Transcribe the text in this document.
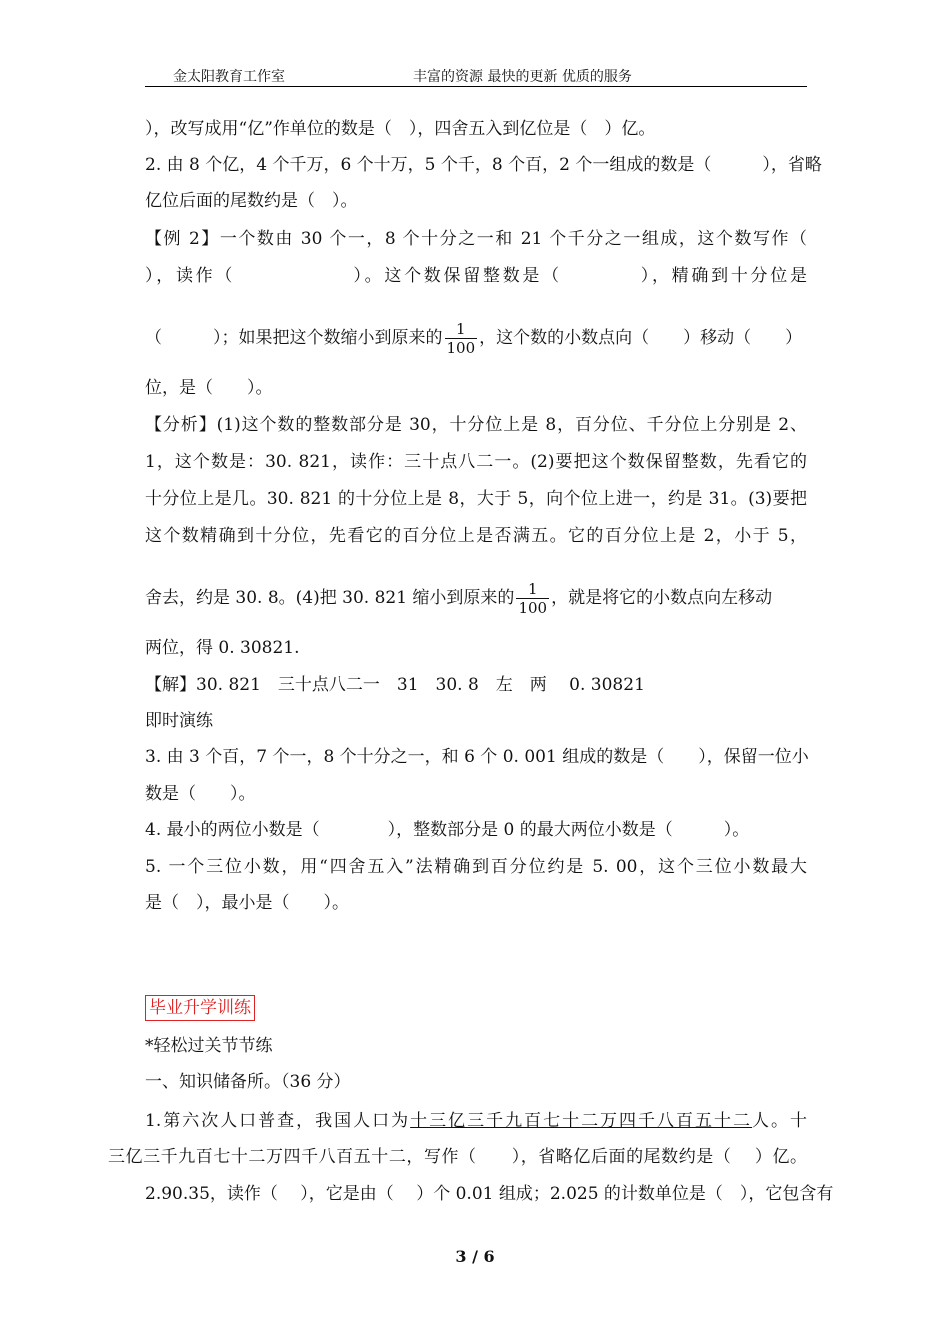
金太阳教育工作室	丰富的资源 最快的更新 优质的服务
），改写成用“亿”作单位的数是（　），四舍五入到亿位是（　）亿。
2. 由 8 个亿，4 个千万，6 个十万，5 个千，8 个百，2 个一组成的数是（　　　），省略
亿位后面的尾数约是（　）。
【例 2】一个数由 30 个一，8 个十分之一和 21 个千分之一组成，这个数写作（
），读作（　　　　　　）。这个数保留整数是（　　　　），精确到十分位是
（　　　）；如果把这个数缩小到原来的 $\frac{1}{100}$ ，这个数的小数点向（　　）移动（　　）
位，是（　　）。
【分析】(1)这个数的整数部分是 30，十分位上是 8，百分位、千分位上分别是 2、
1，这个数是：30. 821，读作：三十点八二一。(2)要把这个数保留整数，先看它的
十分位上是几。30. 821 的十分位上是 8，大于 5，向个位上进一，约是 31。(3)要把
这个数精确到十分位，先看它的百分位上是否满五。它的百分位上是 2，小于 5，
舍去，约是 30. 8。(4)把 30. 821 缩小到原来的 $\frac{1}{100}$ ，就是将它的小数点向左移动
两位，得 0. 30821.
【解】30. 821　三十点八二一　31　30. 8　左　两　 0. 30821
即时演练
3. 由 3 个百，7 个一，8 个十分之一，和 6 个 0. 001 组成的数是（　　），保留一位小
数是（　　）。
4. 最小的两位小数是（　　　　），整数部分是 0 的最大两位小数是（　　　）。
5. 一个三位小数，用“四舍五入”法精确到百分位约是 5. 00，这个三位小数最大
是（　），最小是（　　）。
毕业升学训练
*轻松过关节节练
一、知识储备所。（36 分）
1.第六次人口普查，我国人口为十三亿三千九百七十二万四千八百五十二人。十
三亿三千九百七十二万四千八百五十二，写作（　　），省略亿后面的尾数约是（　 ）亿。
2.90.35，读作（　 ），它是由（　 ）个 0.01 组成；2.025 的计数单位是（　），它包含有
3 / 6
